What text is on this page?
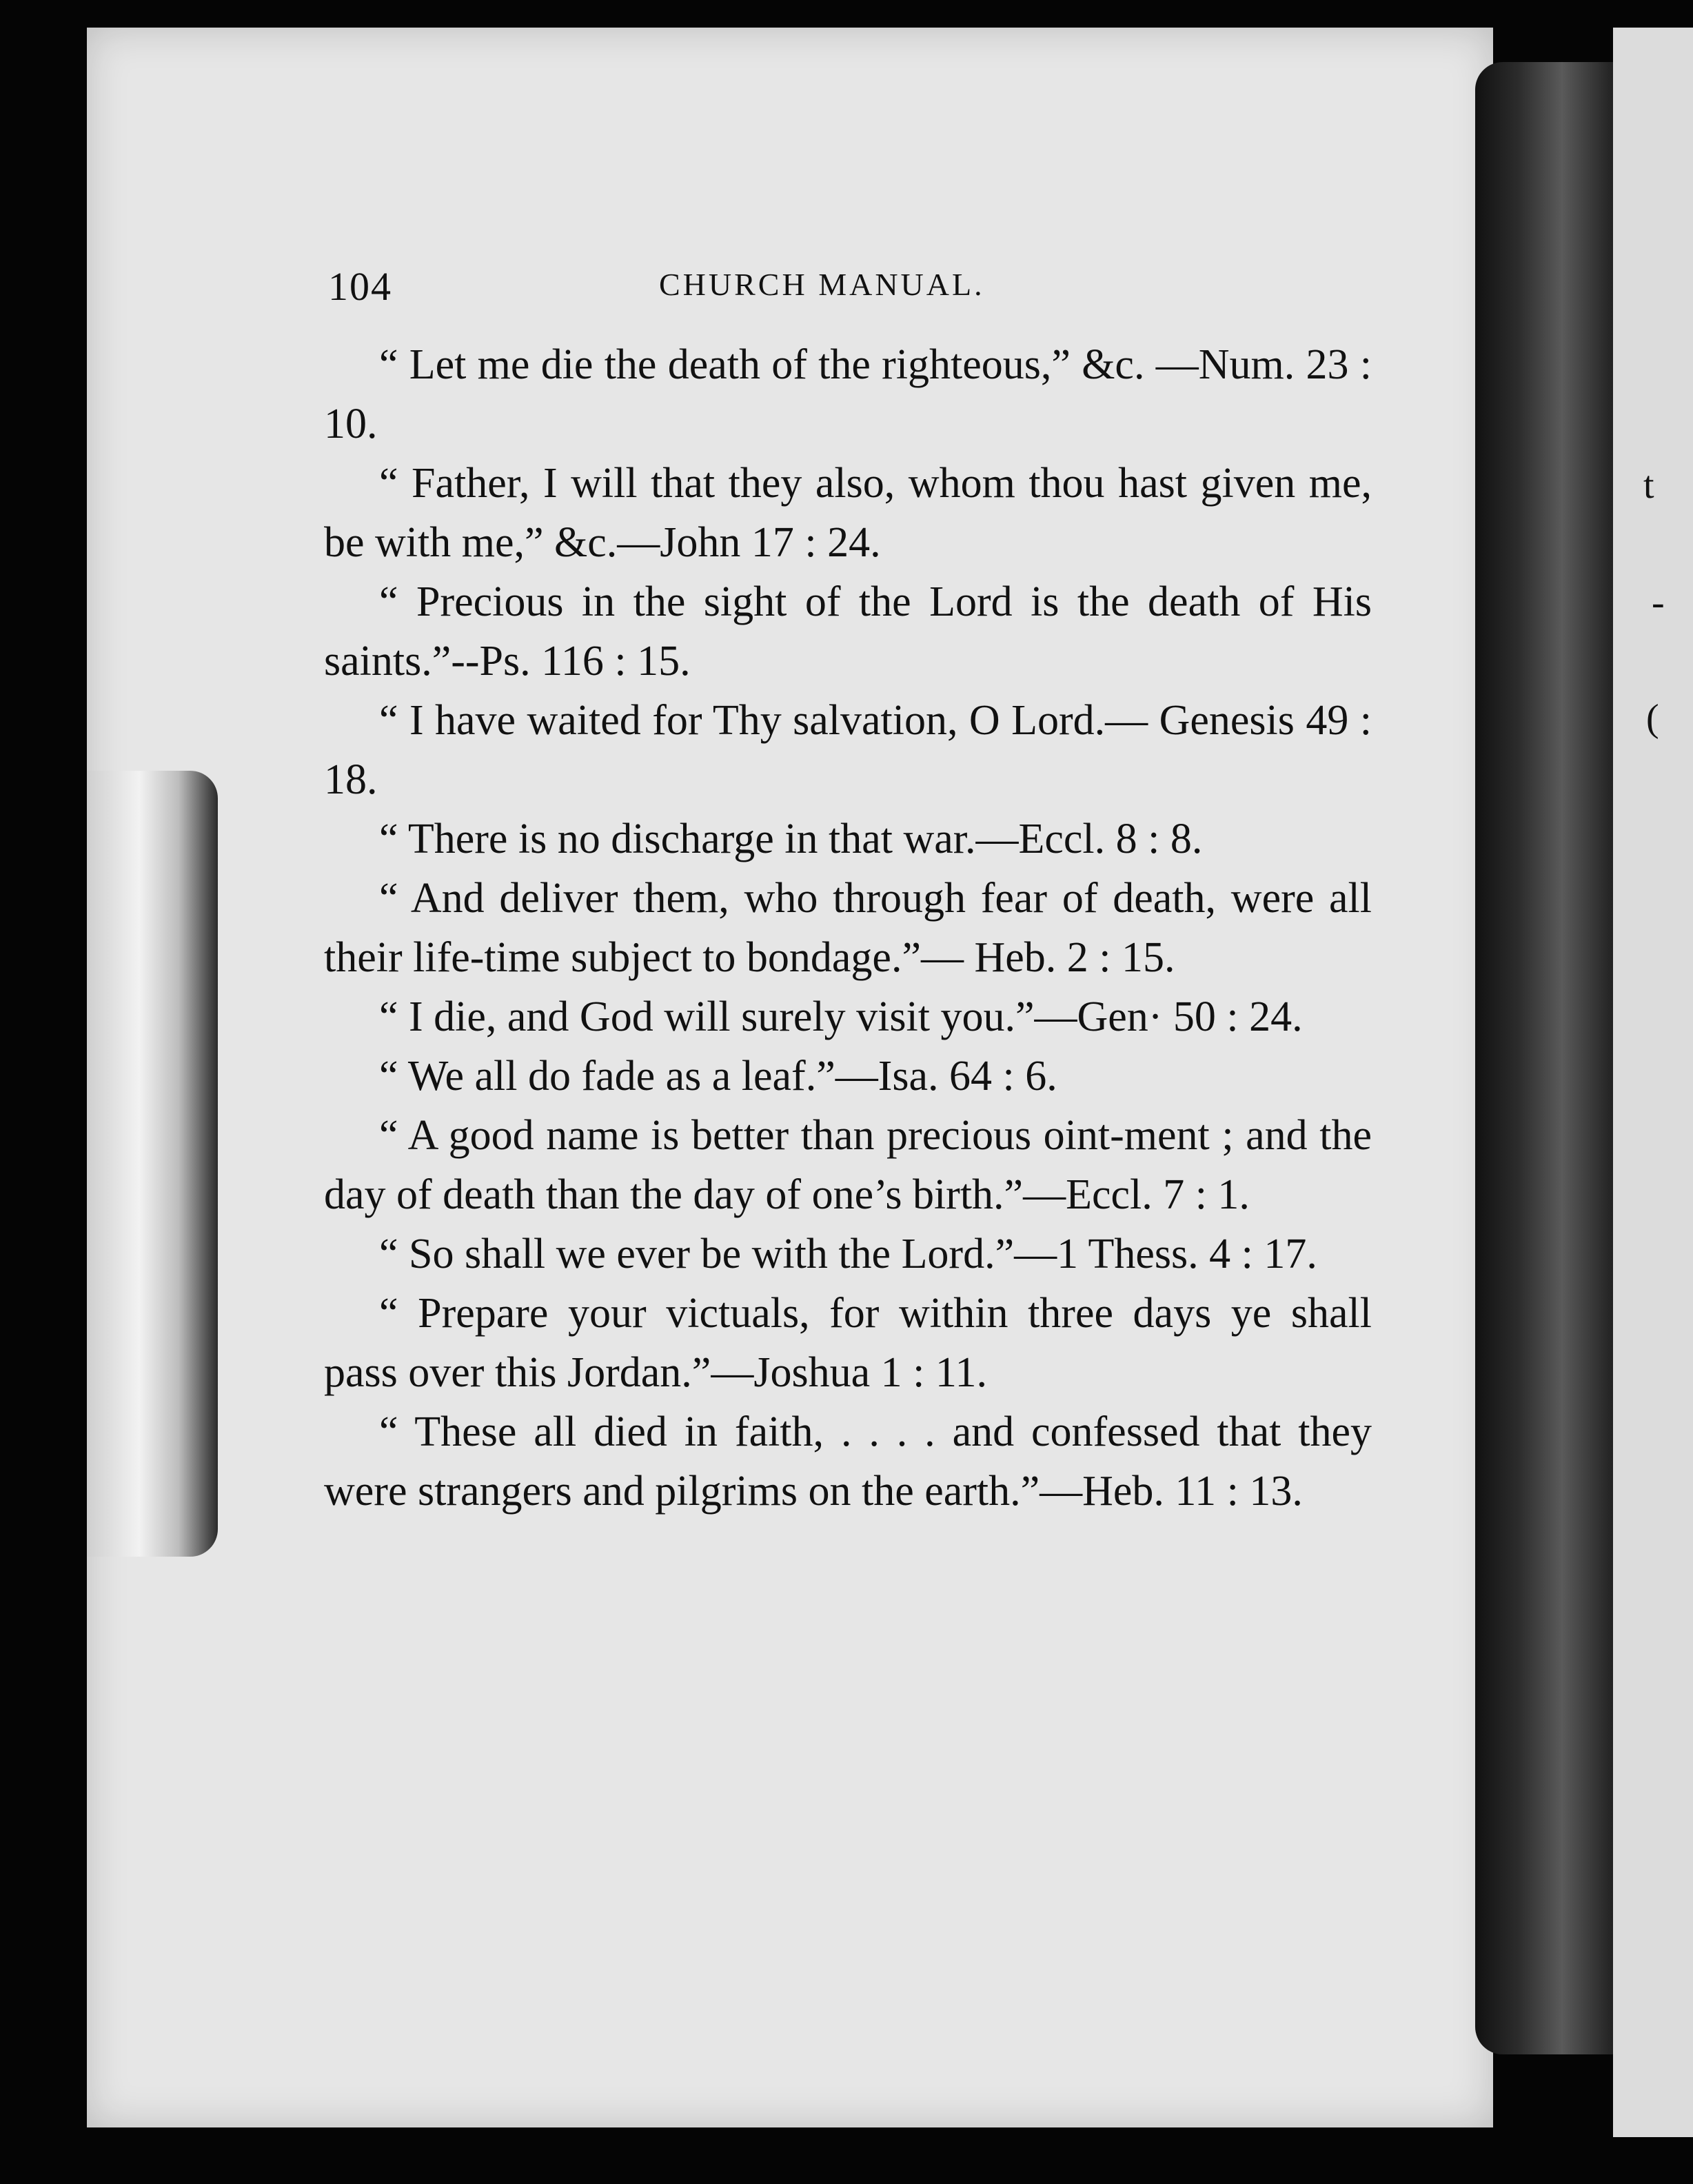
t
-
(
104	CHURCH MANUAL.

“ Let me die the death of the righteous,” &c. —Num. 23 : 10.

“ Father, I will that they also, whom thou hast given me, be with me,” &c.—John 17 : 24.

“ Precious in the sight of the Lord is the death of His saints.”--Ps. 116 : 15.

“ I have waited for Thy salvation, O Lord.— Genesis 49 : 18.

“ There is no discharge in that war.—Eccl. 8 : 8.

“ And deliver them, who through fear of death, were all their life-time subject to bondage.”— Heb. 2 : 15.

“ I die, and God will surely visit you.”—Gen· 50 : 24.

“ We all do fade as a leaf.”—Isa. 64 : 6.

“ A good name is better than precious oint-ment ; and the day of death than the day of one’s birth.”—Eccl. 7 : 1.

“ So shall we ever be with the Lord.”—1 Thess. 4 : 17.

“ Prepare your victuals, for within three days ye shall pass over this Jordan.”—Joshua 1 : 11.

“ These all died in faith, . . . . and confessed that they were strangers and pilgrims on the earth.”—Heb. 11 : 13.
